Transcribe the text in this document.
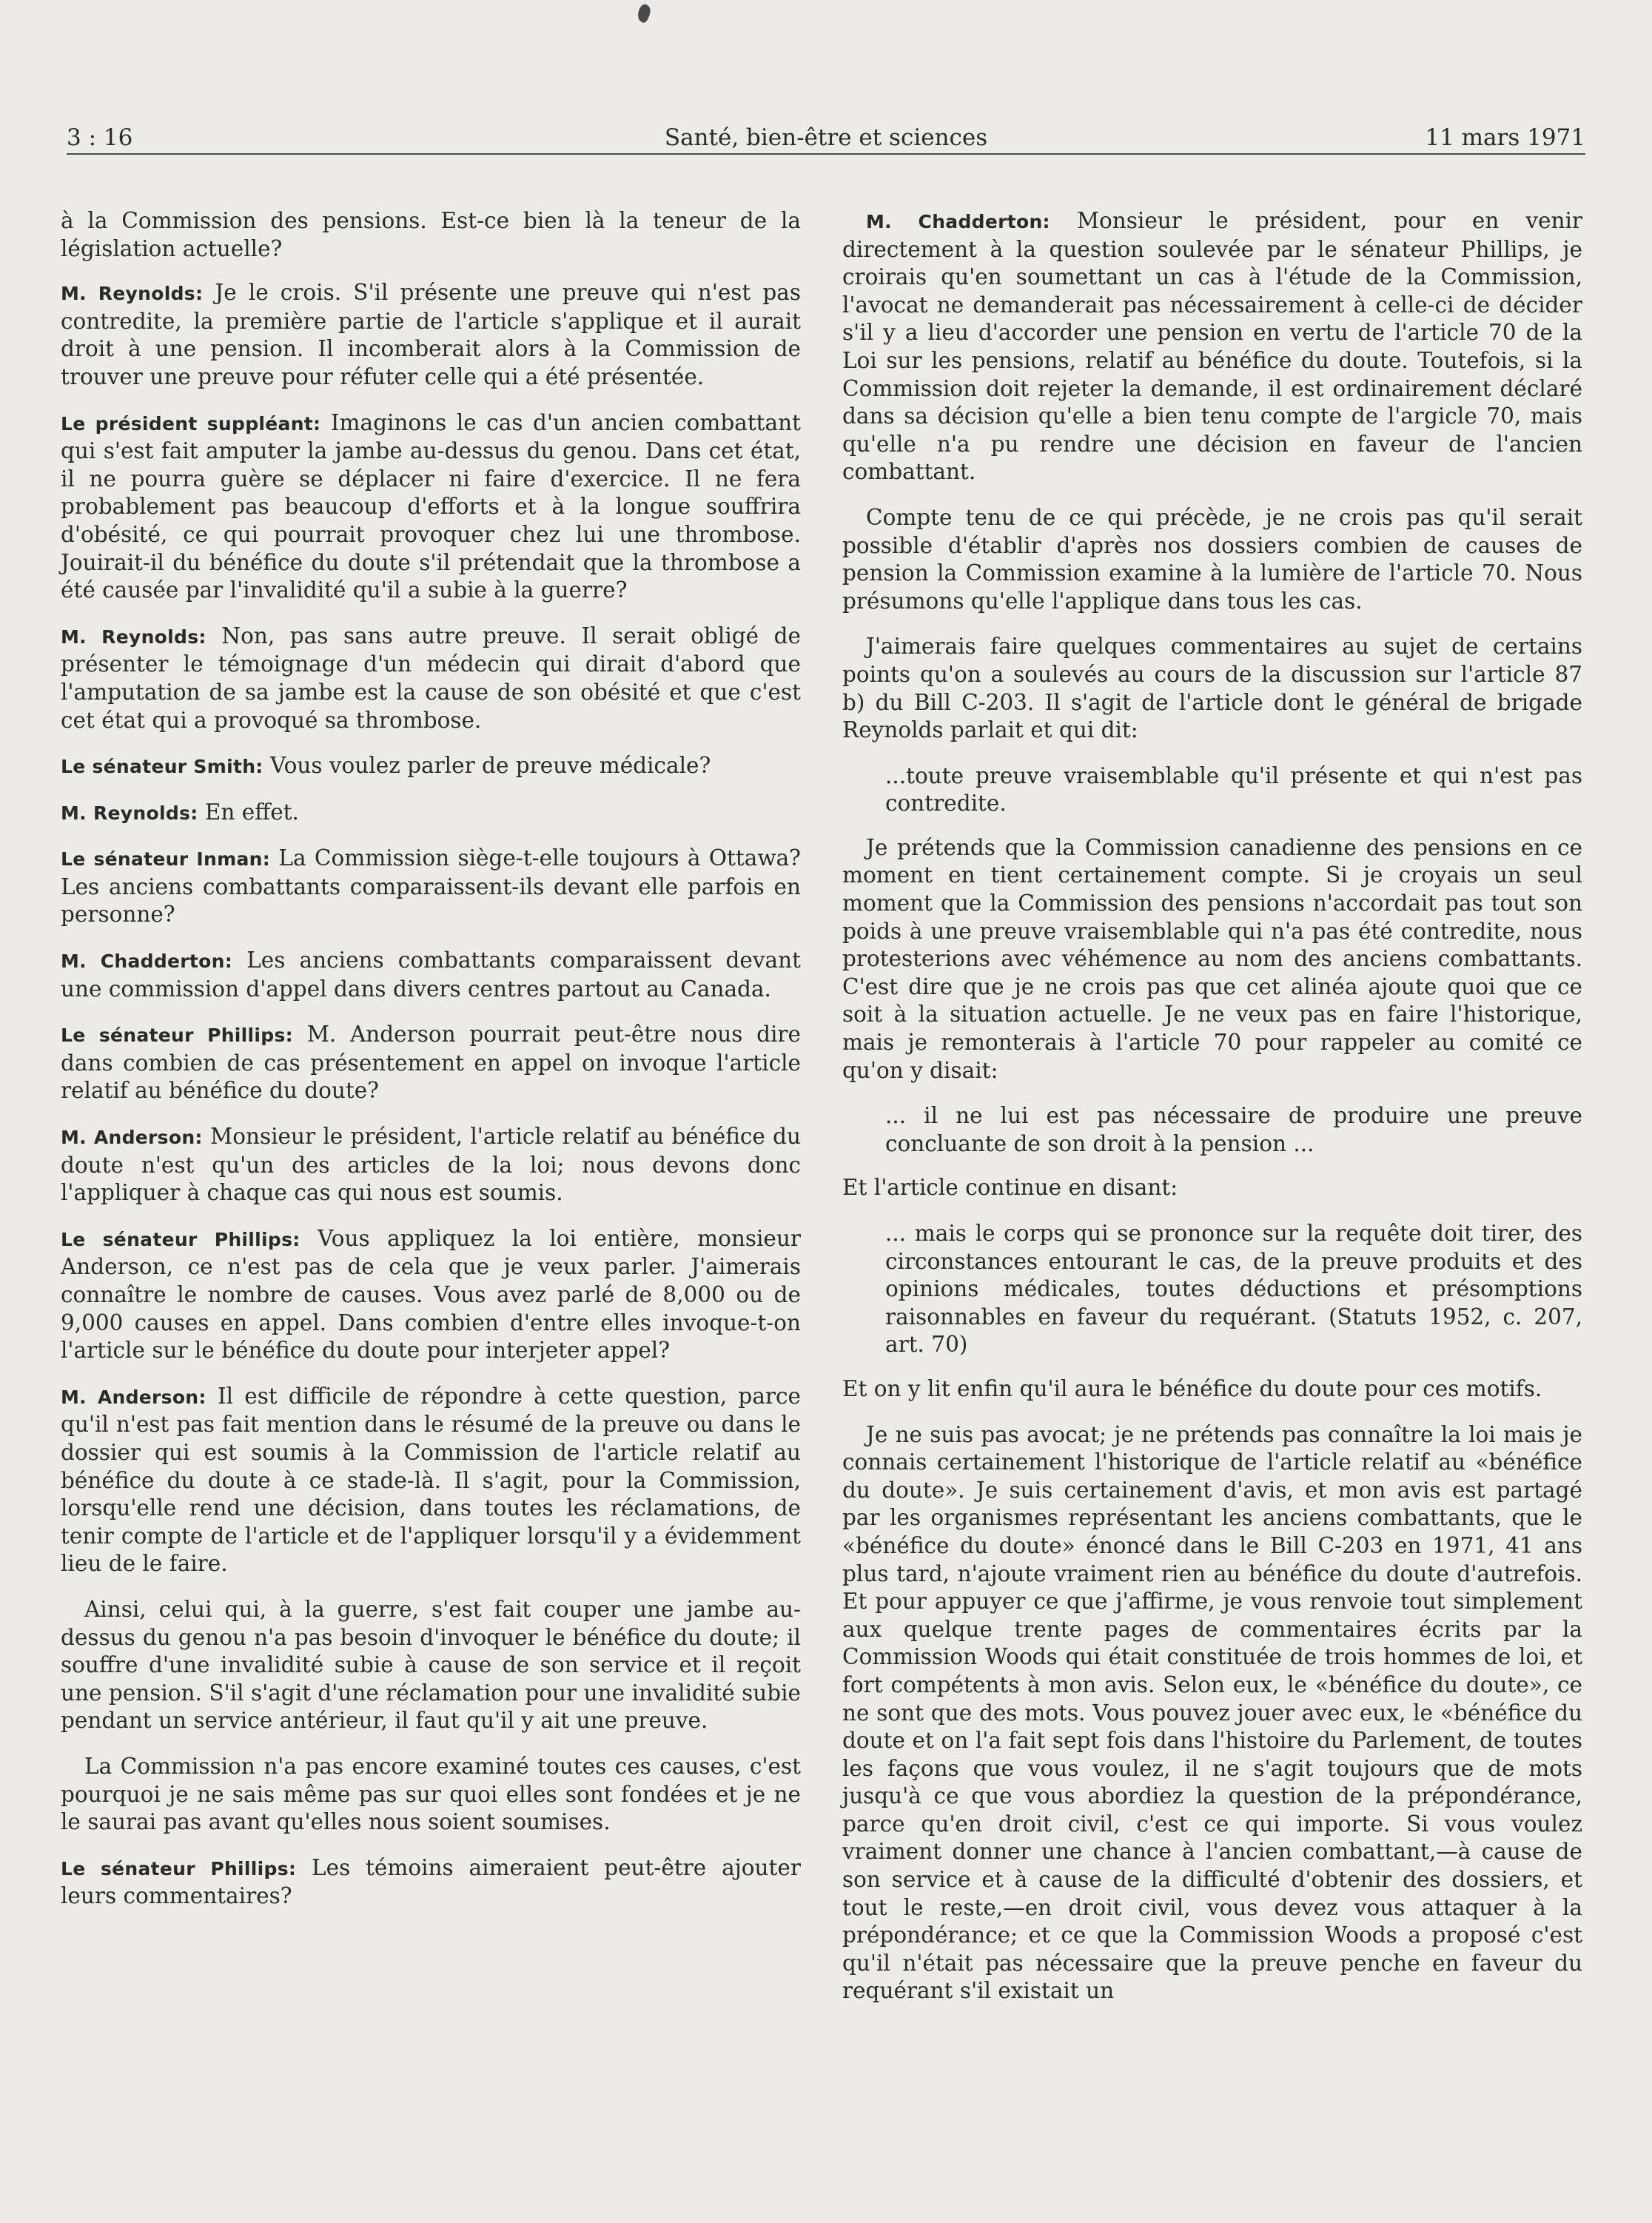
3 : 16	Santé, bien-être et sciences	11 mars 1971

à la Commission des pensions. Est-ce bien là la teneur de la législation actuelle?

M. Reynolds: Je le crois. S'il présente une preuve qui n'est pas contredite, la première partie de l'article s'applique et il aurait droit à une pension. Il incomberait alors à la Commission de trouver une preuve pour réfuter celle qui a été présentée.

Le président suppléant: Imaginons le cas d'un ancien combattant qui s'est fait amputer la jambe au-dessus du genou. Dans cet état, il ne pourra guère se déplacer ni faire d'exercice. Il ne fera probablement pas beaucoup d'efforts et à la longue souffrira d'obésité, ce qui pourrait provoquer chez lui une thrombose. Jouirait-il du bénéfice du doute s'il prétendait que la thrombose a été causée par l'invalidité qu'il a subie à la guerre?

M. Reynolds: Non, pas sans autre preuve. Il serait obligé de présenter le témoignage d'un médecin qui dirait d'abord que l'amputation de sa jambe est la cause de son obésité et que c'est cet état qui a provoqué sa thrombose.

Le sénateur Smith: Vous voulez parler de preuve médicale?

M. Reynolds: En effet.

Le sénateur Inman: La Commission siège-t-elle toujours à Ottawa? Les anciens combattants comparaissent-ils devant elle parfois en personne?

M. Chadderton: Les anciens combattants comparaissent devant une commission d'appel dans divers centres partout au Canada.

Le sénateur Phillips: M. Anderson pourrait peut-être nous dire dans combien de cas présentement en appel on invoque l'article relatif au bénéfice du doute?

M. Anderson: Monsieur le président, l'article relatif au bénéfice du doute n'est qu'un des articles de la loi; nous devons donc l'appliquer à chaque cas qui nous est soumis.

Le sénateur Phillips: Vous appliquez la loi entière, monsieur Anderson, ce n'est pas de cela que je veux parler. J'aimerais connaître le nombre de causes. Vous avez parlé de 8,000 ou de 9,000 causes en appel. Dans combien d'entre elles invoque-t-on l'article sur le bénéfice du doute pour interjeter appel?

M. Anderson: Il est difficile de répondre à cette question, parce qu'il n'est pas fait mention dans le résumé de la preuve ou dans le dossier qui est soumis à la Commission de l'article relatif au bénéfice du doute à ce stade-là. Il s'agit, pour la Commission, lorsqu'elle rend une décision, dans toutes les réclamations, de tenir compte de l'article et de l'appliquer lorsqu'il y a évidemment lieu de le faire.

Ainsi, celui qui, à la guerre, s'est fait couper une jambe au-dessus du genou n'a pas besoin d'invoquer le bénéfice du doute; il souffre d'une invalidité subie à cause de son service et il reçoit une pension. S'il s'agit d'une réclamation pour une invalidité subie pendant un service antérieur, il faut qu'il y ait une preuve.

La Commission n'a pas encore examiné toutes ces causes, c'est pourquoi je ne sais même pas sur quoi elles sont fondées et je ne le saurai pas avant qu'elles nous soient soumises.

Le sénateur Phillips: Les témoins aimeraient peut-être ajouter leurs commentaires?

M. Chadderton: Monsieur le président, pour en venir directement à la question soulevée par le sénateur Phillips, je croirais qu'en soumettant un cas à l'étude de la Commission, l'avocat ne demanderait pas nécessairement à celle-ci de décider s'il y a lieu d'accorder une pension en vertu de l'article 70 de la Loi sur les pensions, relatif au bénéfice du doute. Toutefois, si la Commission doit rejeter la demande, il est ordinairement déclaré dans sa décision qu'elle a bien tenu compte de l'argicle 70, mais qu'elle n'a pu rendre une décision en faveur de l'ancien combattant.

Compte tenu de ce qui précède, je ne crois pas qu'il serait possible d'établir d'après nos dossiers combien de causes de pension la Commission examine à la lumière de l'article 70. Nous présumons qu'elle l'applique dans tous les cas.

J'aimerais faire quelques commentaires au sujet de certains points qu'on a soulevés au cours de la discussion sur l'article 87 b) du Bill C-203. Il s'agit de l'article dont le général de brigade Reynolds parlait et qui dit:

...toute preuve vraisemblable qu'il présente et qui n'est pas contredite.

Je prétends que la Commission canadienne des pensions en ce moment en tient certainement compte. Si je croyais un seul moment que la Commission des pensions n'accordait pas tout son poids à une preuve vraisemblable qui n'a pas été contredite, nous protesterions avec véhémence au nom des anciens combattants. C'est dire que je ne crois pas que cet alinéa ajoute quoi que ce soit à la situation actuelle. Je ne veux pas en faire l'historique, mais je remonterais à l'article 70 pour rappeler au comité ce qu'on y disait:

... il ne lui est pas nécessaire de produire une preuve concluante de son droit à la pension ...

Et l'article continue en disant:

... mais le corps qui se prononce sur la requête doit tirer, des circonstances entourant le cas, de la preuve produits et des opinions médicales, toutes déductions et présomptions raisonnables en faveur du requérant. (Statuts 1952, c. 207, art. 70)

Et on y lit enfin qu'il aura le bénéfice du doute pour ces motifs.

Je ne suis pas avocat; je ne prétends pas connaître la loi mais je connais certainement l'historique de l'article relatif au «bénéfice du doute». Je suis certainement d'avis, et mon avis est partagé par les organismes représentant les anciens combattants, que le «bénéfice du doute» énoncé dans le Bill C-203 en 1971, 41 ans plus tard, n'ajoute vraiment rien au bénéfice du doute d'autrefois. Et pour appuyer ce que j'affirme, je vous renvoie tout simplement aux quelque trente pages de commentaires écrits par la Commission Woods qui était constituée de trois hommes de loi, et fort compétents à mon avis. Selon eux, le «bénéfice du doute», ce ne sont que des mots. Vous pouvez jouer avec eux, le «bénéfice du doute et on l'a fait sept fois dans l'histoire du Parlement, de toutes les façons que vous voulez, il ne s'agit toujours que de mots jusqu'à ce que vous abordiez la question de la prépondérance, parce qu'en droit civil, c'est ce qui importe. Si vous voulez vraiment donner une chance à l'ancien combattant,—à cause de son service et à cause de la difficulté d'obtenir des dossiers, et tout le reste,—en droit civil, vous devez vous attaquer à la prépondérance; et ce que la Commission Woods a proposé c'est qu'il n'était pas nécessaire que la preuve penche en faveur du requérant s'il existait un
